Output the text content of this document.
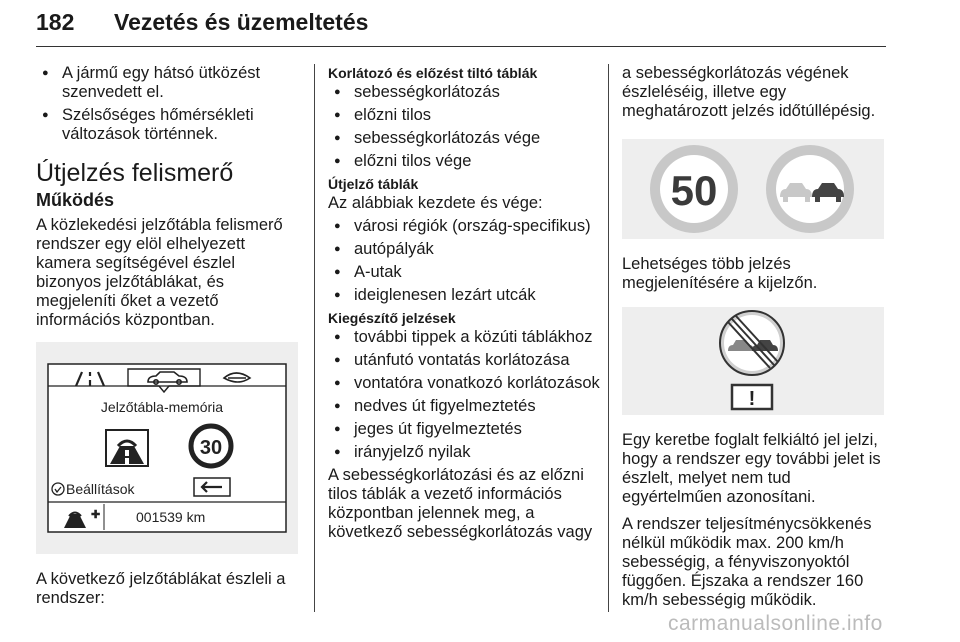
182 Vezetés és üzemeltetés
● A jármű egy hátsó ütközést szenvedett el.
● Szélsőséges hőmérsékleti változások történnek.
Útjelzés felismerő
Működés

A közlekedési jelzőtábla felismerő rendszer egy elöl elhelyezett kamera segítségével észlel bizonyos jelzőtáblákat, és megjeleníti őket a vezető információs központban.

Jelzőtábla-memória
30
Beállítások
✚	001539 km

A következő jelzőtáblákat észleli a rendszer:

Korlátozó és előzést tiltó táblák
● sebességkorlátozás
● előzni tilos
● sebességkorlátozás vége
● előzni tilos vége
Útjelző táblák

Az alábbiak kezdete és vége:

● városi régiók (ország-specifikus)
● autópályák
● A-utak
● ideiglenesen lezárt utcák
Kiegészítő jelzések
● további tippek a közúti táblákhoz
● utánfutó vontatás korlátozása
● vontatóra vonatkozó korlátozások
● nedves út figyelmeztetés
● jeges út figyelmeztetés
● irányjelző nyilak

A sebességkorlátozási és az előzni tilos táblák a vezető információs központban jelennek meg, a következő sebességkorlátozás vagy

a sebességkorlátozás végének észleléséig, illetve egy meghatározott jelzés időtúllépésig.

50

Lehetséges több jelzés megjelenítésére a kijelzőn.

!

Egy keretbe foglalt felkiáltó jel jelzi, hogy a rendszer egy további jelet is észlelt, melyet nem tud egyértelműen azonosítani.

A rendszer teljesítménycsökkenés nélkül működik max. 200 km/h sebességig, a fényviszonyoktól függően. Éjszaka a rendszer 160 km/h sebességig működik.

carmanualsonline.info
